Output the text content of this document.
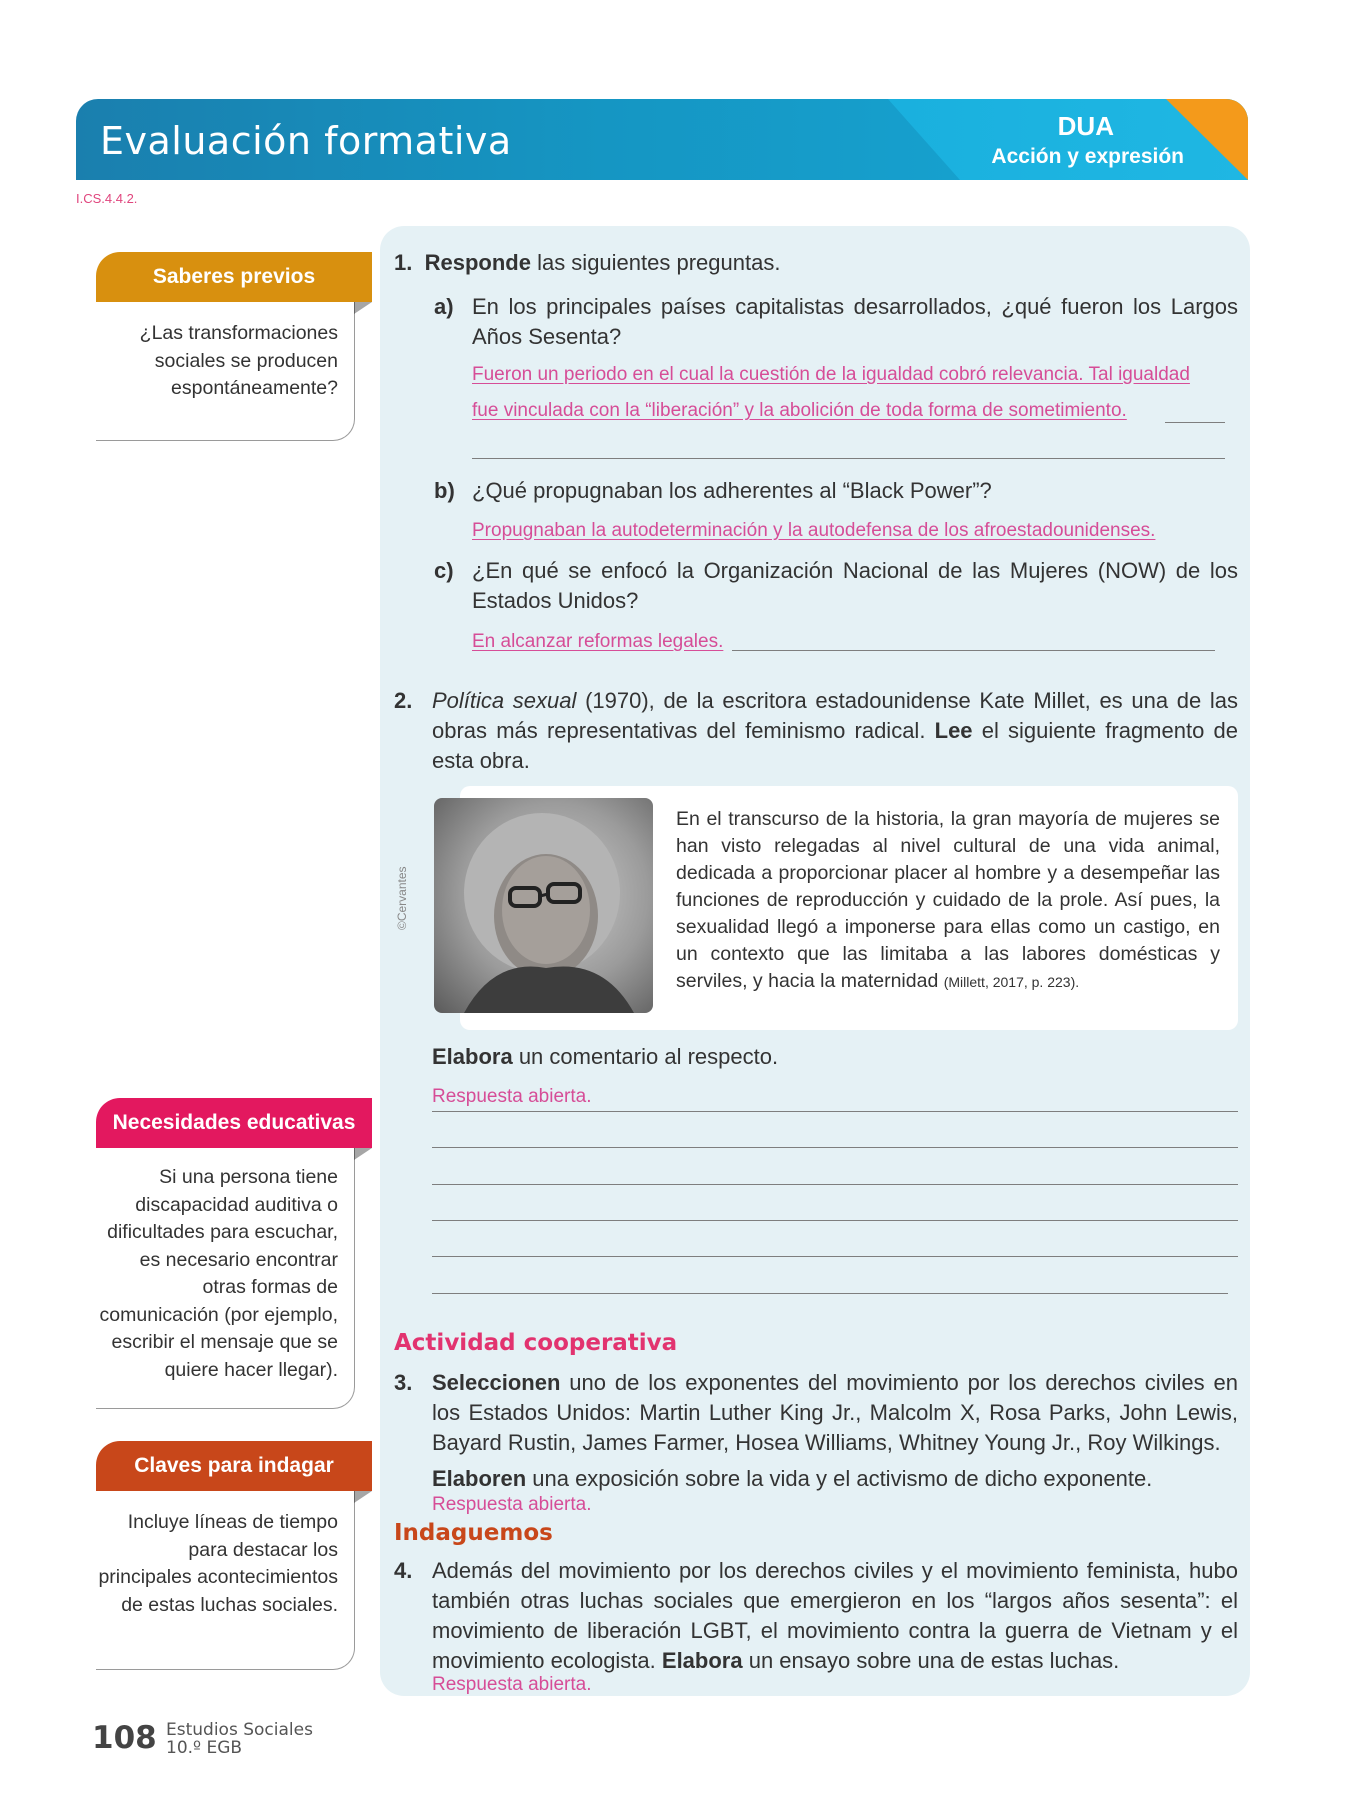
Evaluación formativa	DUA
Acción y expresión
I.CS.4.4.2.
Saberes previos
¿Las transformaciones sociales se producen espontáneamente?
Necesidades educativas
Si una persona tiene discapacidad auditiva o dificultades para escuchar, es necesario encontrar otras formas de comunicación (por ejemplo, escribir el mensaje que se quiere hacer llegar).
Claves para indagar
Incluye líneas de tiempo para destacar los principales acontecimientos de estas luchas sociales.
1. Responde las siguientes preguntas.
a) En los principales países capitalistas desarrollados, ¿qué fueron los Largos Años Sesenta?
Fueron un periodo en el cual la cuestión de la igualdad cobró relevancia. Tal igualdad
fue vinculada con la “liberación” y la abolición de toda forma de sometimiento.
b) ¿Qué propugnaban los adherentes al “Black Power”?
Propugnaban la autodeterminación y la autodefensa de los afroestadounidenses.
c) ¿En qué se enfocó la Organización Nacional de las Mujeres (NOW) de los Estados Unidos?
En alcanzar reformas legales.
2. Política sexual (1970), de la escritora estadounidense Kate Millet, es una de las obras más representativas del feminismo radical. Lee el siguiente fragmento de esta obra.
©Cervantes
En el transcurso de la historia, la gran mayoría de mujeres se han visto relegadas al nivel cultural de una vida animal, dedicada a proporcionar placer al hombre y a desempeñar las funciones de reproducción y cuidado de la prole. Así pues, la sexualidad llegó a imponerse para ellas como un castigo, en un contexto que las limitaba a las labores domésticas y serviles, y hacia la maternidad (Millett, 2017, p. 223).
Elabora un comentario al respecto.
Respuesta abierta.
Actividad cooperativa
3. Seleccionen uno de los exponentes del movimiento por los derechos civiles en los Estados Unidos: Martin Luther King Jr., Malcolm X, Rosa Parks, John Lewis, Bayard Rustin, James Farmer, Hosea Williams, Whitney Young Jr., Roy Wilkings.
Elaboren una exposición sobre la vida y el activismo de dicho exponente.
Respuesta abierta.
Indaguemos
4. Además del movimiento por los derechos civiles y el movimiento feminista, hubo también otras luchas sociales que emergieron en los “largos años sesenta”: el movimiento de liberación LGBT, el movimiento contra la guerra de Vietnam y el movimiento ecologista. Elabora un ensayo sobre una de estas luchas.
Respuesta abierta.
108 Estudios Sociales
10.º EGB
